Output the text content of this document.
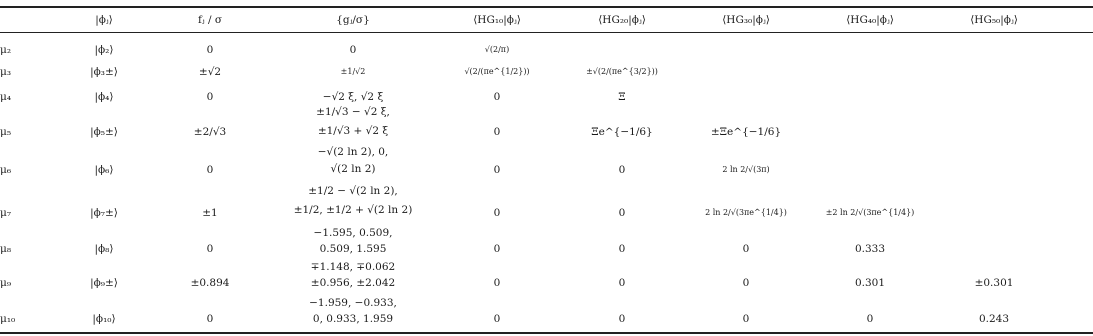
|ϕⱼ⟩	fⱼ / σ	{gⱼ/σ}	⟨HG₁₀|ϕⱼ⟩	⟨HG₂₀|ϕⱼ⟩	⟨HG₃₀|ϕⱼ⟩	⟨HG₄₀|ϕⱼ⟩	⟨HG₅₀|ϕⱼ⟩
μ₂	|ϕ₂⟩	0	0	√(2/π)
μ₃	|ϕ₃±⟩	±√2	±1/√2	√(2/(πe^{1/2}))	±√(2/(πe^{3/2}))
μ₄	|ϕ₄⟩	0	−√2 ξ, √2 ξ	0	Ξ
μ₅	|ϕ₅±⟩	±2/√3
±1/√3 − √2 ξ,
±1/√3 + √2 ξ	0	Ξe^{−1/6}	±Ξe^{−1/6}
μ₆	|ϕ₆⟩	0
−√(2 ln 2), 0,
√(2 ln 2)	0	0	2 ln 2/√(3π)
μ₇	|ϕ₇±⟩	±1
±1/2 − √(2 ln 2),
±1/2, ±1/2 + √(2 ln 2)	0	0	2 ln 2/√(3πe^{1/4})	±2 ln 2/√(3πe^{1/4})
μ₈	|ϕ₈⟩	0
−1.595, 0.509,
0.509, 1.595	0	0	0	0.333
μ₉	|ϕ₉±⟩	±0.894
∓1.148, ∓0.062
±0.956, ±2.042	0	0	0	0.301	±0.301
μ₁₀	|ϕ₁₀⟩	0
−1.959, −0.933,
0, 0.933, 1.959	0	0	0	0	0.243
